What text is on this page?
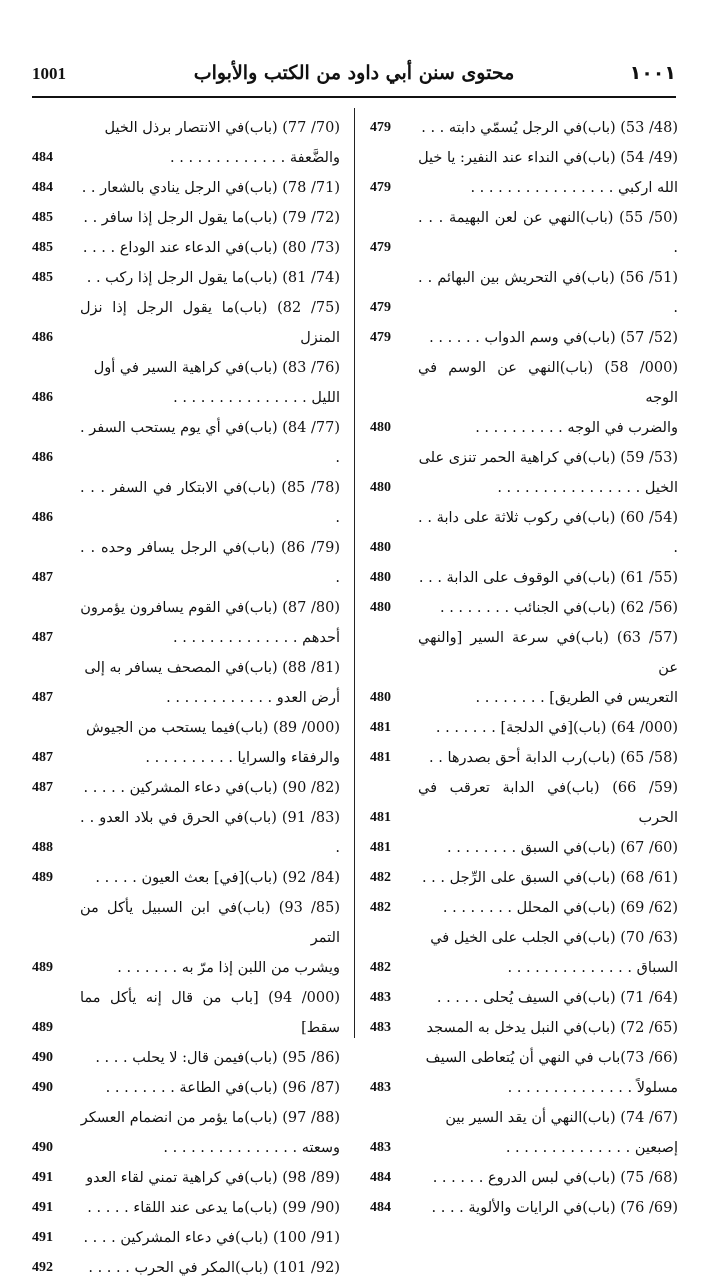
1001	محتوى سنن أبي داود من الكتب والأبواب	١٠٠١
(48/ 53) (باب)في الرجل يُسمّي دابته . . .
479
(49/ 54) (باب)في النداء عند النفير: يا خيل
الله اركبي ‏. . . . . . . . . . . . . . . .
479
(50/ 55) (باب)النهي عن لعن البهيمة . . . .
479
(51/ 56) (باب)في التحريش بين البهائم . . .
479
(52/ 57) (باب)في وسم الدواب . . . . . .
479
(000/ 58) (باب)النهي عن الوسم في الوجه
والضرب في الوجه . . . . . . . . . .
480
(53/ 59) (باب)في كراهية الحمر تنزى على
الخيل . . . . . . . . . . . . . . . .
480
(54/ 60) (باب)في ركوب ثلاثة على دابة . . .
480
(55/ 61) (باب)في الوقوف على الدابة . . .
480
(56/ 62) (باب)في الجنائب . . . . . . . .
480
(57/ 63) (باب)في سرعة السير [والنهي عن
التعريس في الطريق] . . . . . . . .
480
(000/ 64) (باب)[في الدلجة] . . . . . . .
481
(58/ 65) (باب)رب الدابة أحق بصدرها . .
481
(59/ 66) (باب)في الدابة تعرقب في الحرب
481
(60/ 67) (باب)في السبق . . . . . . . .
481
(61/ 68) (باب)في السبق على الرِّجل . . .
482
(62/ 69) (باب)في المحلل . . . . . . . .
482
(63/ 70) (باب)في الجلب على الخيل في
السباق . . . . . . . . . . . . . .
482
(64/ 71) (باب)في السيف يُحلى . . . . .
483
(65/ 72) (باب)في النبل يدخل به المسجد
483
(66/ 73)باب في النهي أن يُتعاطى السيف
مسلولاً . . . . . . . . . . . . . .
483
(67/ 74) (باب)النهي أن يقد السير بين
إصبعين . . . . . . . . . . . . . .
483
(68/ 75) (باب)في لبس الدروع . . . . . .
484
(69/ 76) (باب)في الرايات والألوية . . . .
484
(70/ 77) (باب)في الانتصار برذل الخيل
والضَّعفة . . . . . . . . . . . . .
484
(71/ 78) (باب)في الرجل ينادي بالشعار . .
484
(72/ 79) (باب)ما يقول الرجل إذا سافر . .
485
(73/ 80) (باب)في الدعاء عند الوداع . . . .
485
(74/ 81) (باب)ما يقول الرجل إذا ركب . .
485
(75/ 82) (باب)ما يقول الرجل إذا نزل المنزل
486
(76/ 83) (باب)في كراهية السير في أول
الليل . . . . . . . . . . . . . . .
486
(77/ 84) (باب)في أي يوم يستحب السفر . .
486
(78/ 85) (باب)في الابتكار في السفر . . . .
486
(79/ 86) (باب)في الرجل يسافر وحده . . .
487
(80/ 87) (باب)في القوم يسافرون يؤمرون
أحدهم . . . . . . . . . . . . . .
487
(81/ 88) (باب)في المصحف يسافر به إلى
أرض العدو . . . . . . . . . . . .
487
(000/ 89) (باب)فيما يستحب من الجيوش
والرفقاء والسرايا . . . . . . . . . .
487
(82/ 90) (باب)في دعاء المشركين . . . . .
487
(83/ 91) (باب)في الحرق في بلاد العدو . . .
488
(84/ 92) (باب)[في] بعث العيون . . . . .
489
(85/ 93) (باب)في ابن السبيل يأكل من التمر
ويشرب من اللبن إذا مرّ به . . . . . . .
489
(000/ 94) [باب من قال إنه يأكل مما سقط]
489
(86/ 95) (باب)فيمن قال: لا يحلب . . . .
490
(87/ 96) (باب)في الطاعة . . . . . . . .
490
(88/ 97) (باب)ما يؤمر من انضمام العسكر
وسعته . . . . . . . . . . . . . . .
490
(89/ 98) (باب)في كراهية تمني لقاء العدو
491
(90/ 99) (باب)ما يدعى عند اللقاء . . . . .
491
(91/ 100) (باب)في دعاء المشركين . . . .
491
(92/ 101) (باب)المكر في الحرب . . . . .
492
